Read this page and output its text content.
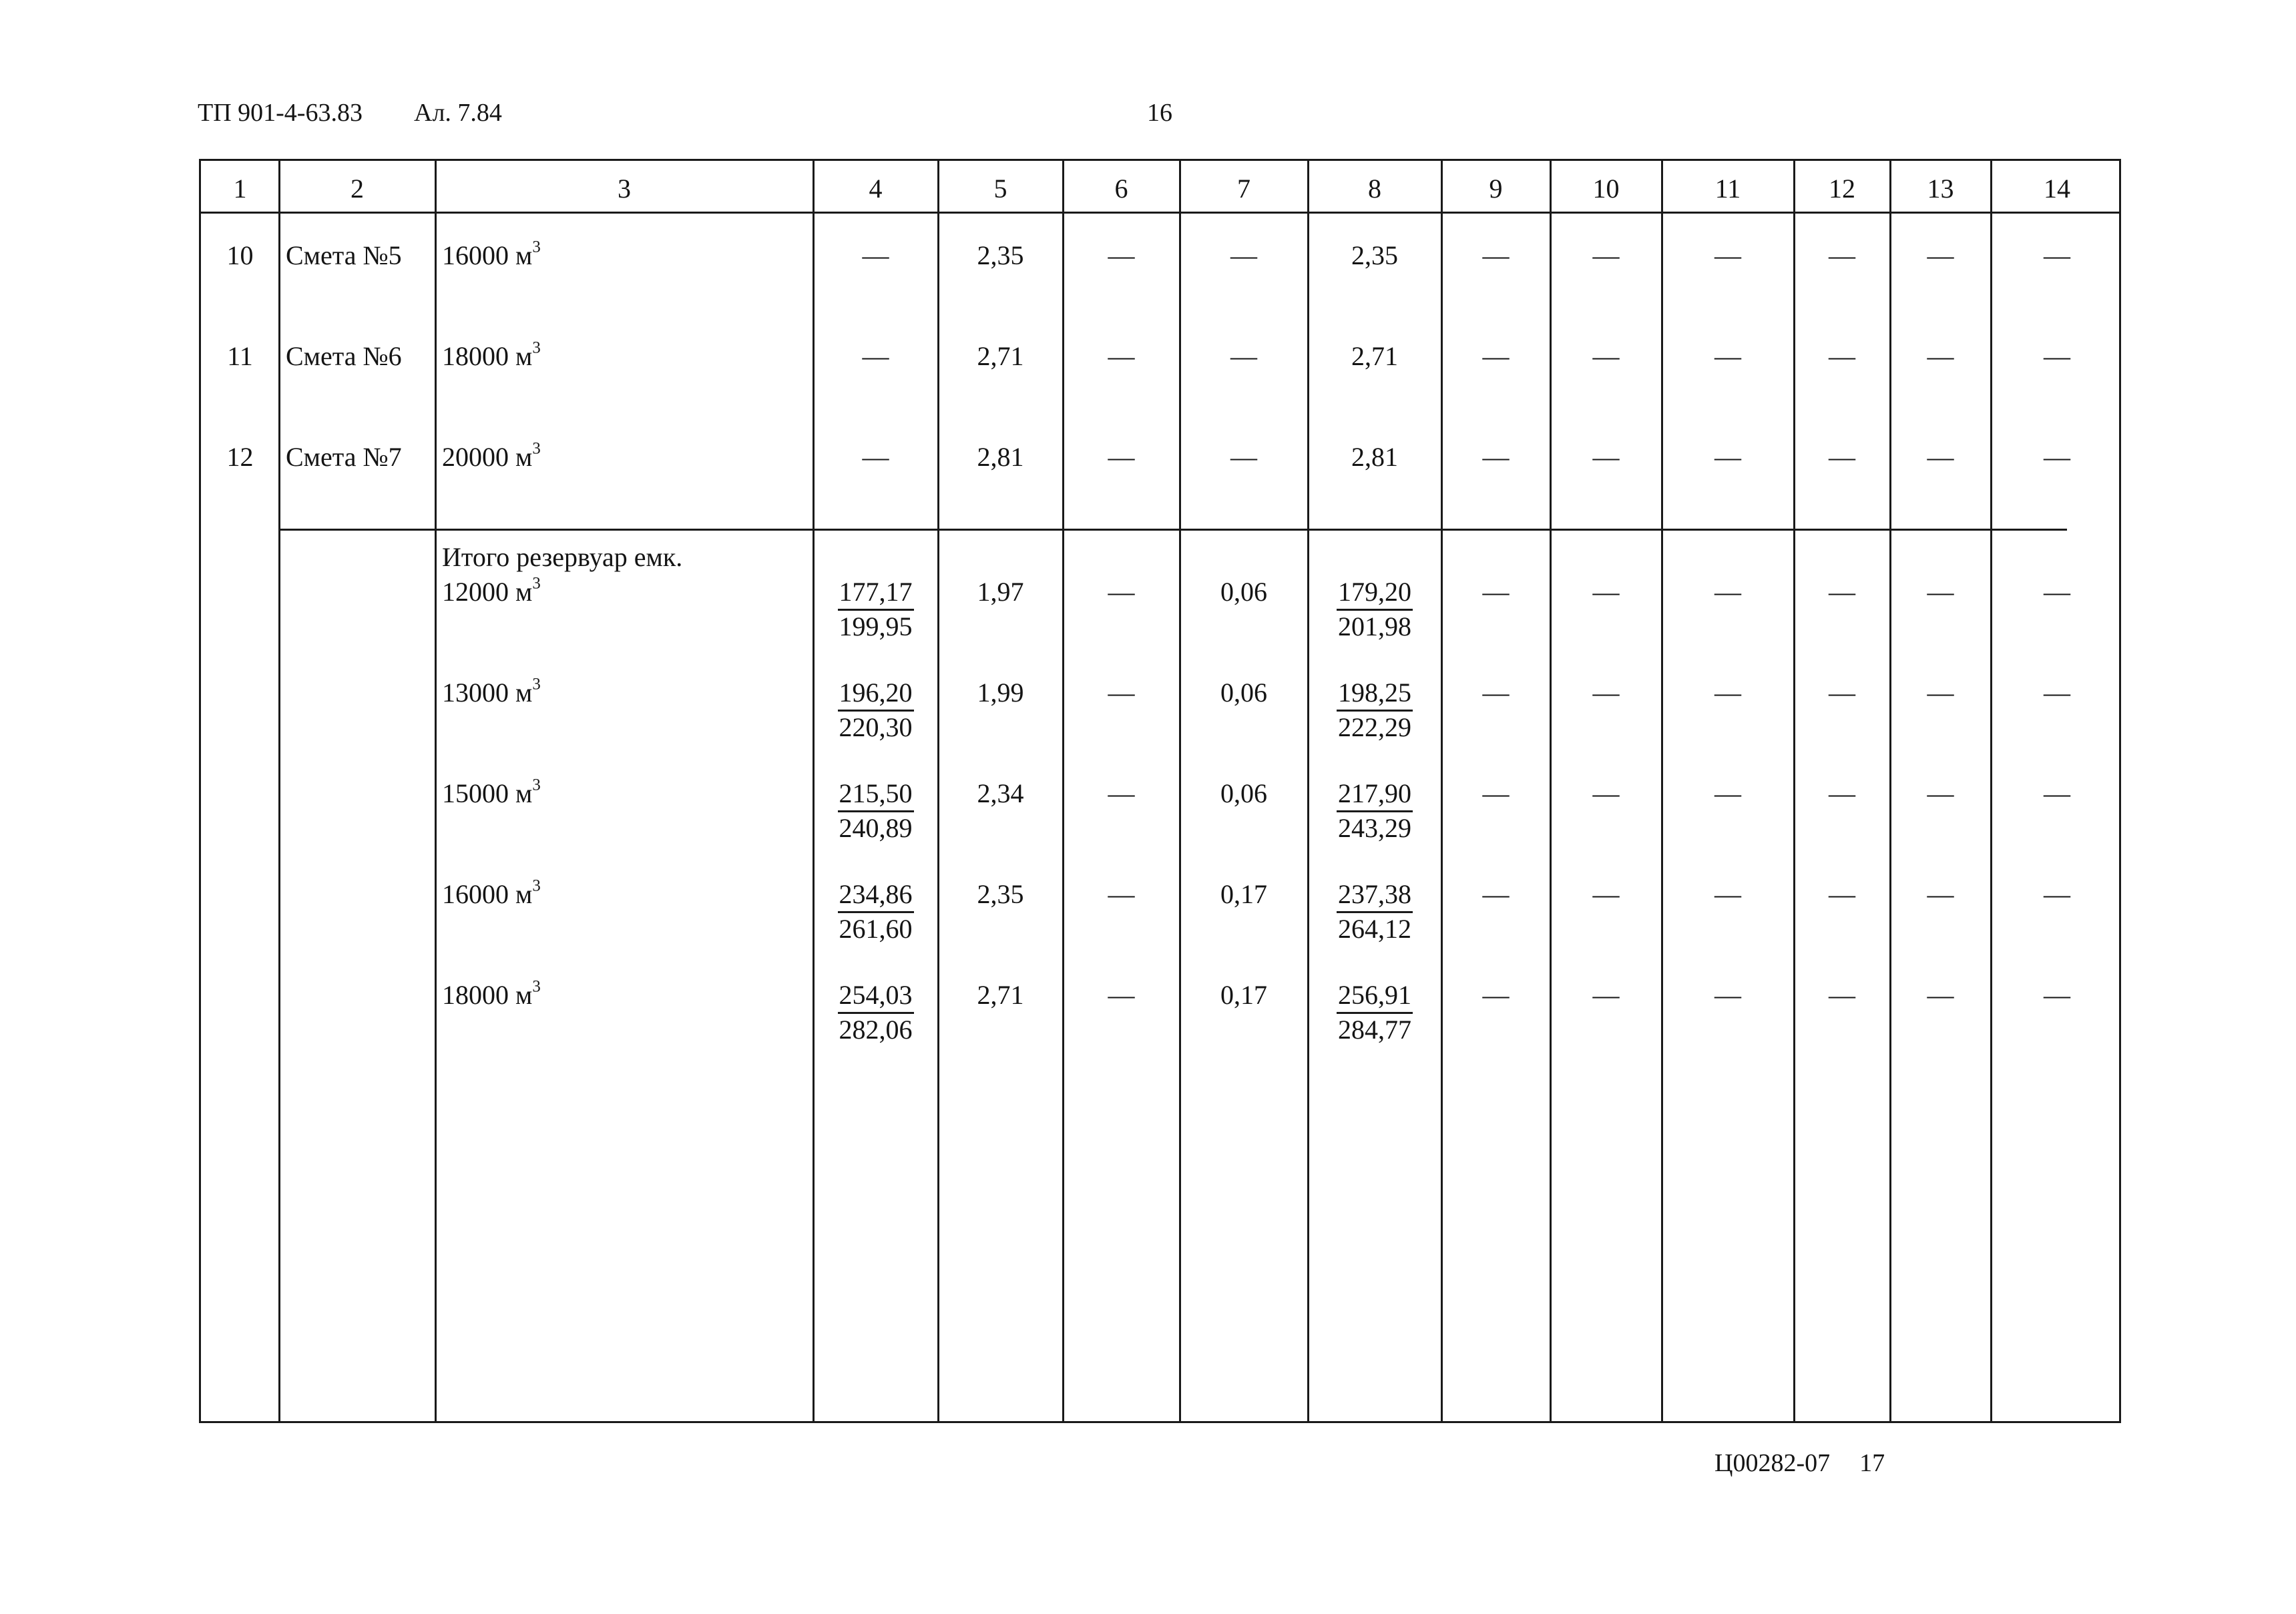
ТП 901-4-63.83 Ал. 7.84	16
1	2	3	4	5	6	7	8	9	10	11	12	13	14
10 Смета №5 16000 $м^3$	—	2,35	—	—	2,35	—	—	—	—	—	—
11 Смета №6 18000 $м^3$	—	2,71	—	—	2,71	—	—	—	—	—	—
12 Смета №7 20000 $м^3$	—	2,81	—	—	2,81	—	—	—	—	—	—
Итого резервуар емк.
12000 $м^3$	$\frac{177,17}{199,95} 1,97$	—	0,06	$\frac{179,20}{201,98}$	—	—	—	—	—	—
13000 $м^3$	$\frac{196,20}{220,30} 1,99$	—	0,06	$\frac{198,25}{222,29}$	—	—	—	—	—	—
15000 $м^3$	$\frac{215,50}{240,89} 2,34$	—	0,06	$\frac{217,90}{243,29}$	—	—	—	—	—	—
16000 $м^3$	$\frac{234,86}{261,60} 2,35$	—	0,17	$\frac{237,38}{264,12}$	—	—	—	—	—	—
18000 $м^3$	$\frac{254,03}{282,06} 2,71$	—	0,17	$\frac{256,91}{284,77}$	—	—	—	—	—	—
Ц00282-07 17
